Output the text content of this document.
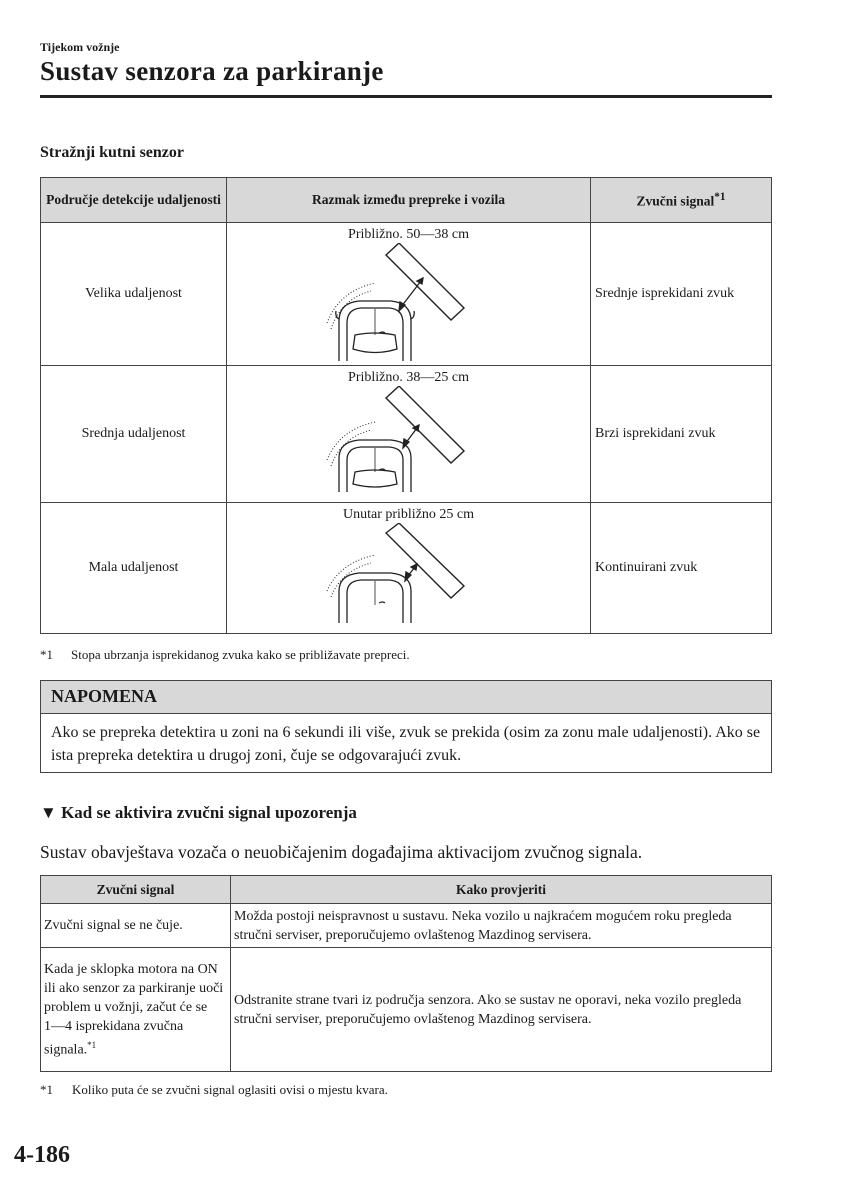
Tijekom vožnje
Sustav senzora za parkiranje
Stražnji kutni senzor
Područje detekcije udaljenosti	Razmak između prepreke i vozila	Zvučni signal$^{*1}$
Velika udaljenost	Približno. 50―38 cm	Srednje isprekidani zvuk
Srednja udaljenost	Približno. 38―25 cm	Brzi isprekidani zvuk
Mala udaljenost	Unutar približno 25 cm	Kontinuirani zvuk
*1 Stopa ubrzanja isprekidanog zvuka kako se približavate prepreci.
NAPOMENA
Ako se prepreka detektira u zoni na 6 sekundi ili više, zvuk se prekida (osim za zonu male udaljenosti). Ako se ista prepreka detektira u drugoj zoni, čuje se odgovarajući zvuk.
▼ Kad se aktivira zvučni signal upozorenja
Sustav obavještava vozača o neuobičajenim događajima aktivacijom zvučnog signala.
Zvučni signal	Kako provjeriti
Zvučni signal se ne čuje.	Možda postoji neispravnost u sustavu. Neka vozilo u najkraćem mogućem roku pregleda stručni serviser, preporučujemo ovlaštenog Mazdinog servisera.
Kada je sklopka motora na ON ili ako senzor za parkiranje uoči problem u vožnji, začut će se 1―4 isprekidana zvučna signala.$^{*1}$	Odstranite strane tvari iz područja senzora. Ako se sustav ne oporavi, neka vozilo pregleda stručni serviser, preporučujemo ovlaštenog Mazdinog servisera.
*1 Koliko puta će se zvučni signal oglasiti ovisi o mjestu kvara.
4-186
